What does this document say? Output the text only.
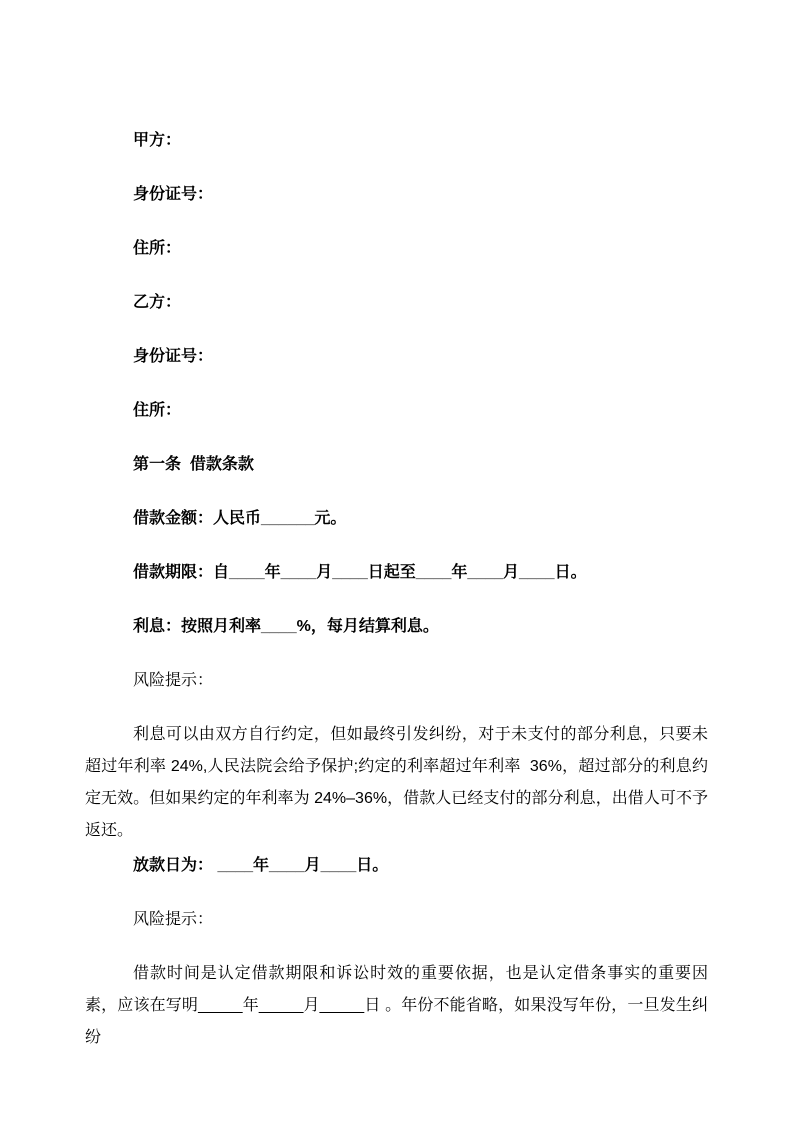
甲方：

身份证号：

住所：

乙方：

身份证号：

住所：

第一条  借款条款

借款金额：人民币______元。

借款期限：自____年____月____日起至____年____月____日。

利息：按照月利率____%，每月结算利息。

风险提示：

利息可以由双方自行约定，但如最终引发纠纷，对于未支付的部分利息，只要未超过年利率 24%,人民法院会给予保护;约定的利率超过年利率  36%，超过部分的利息约定无效。但如果约定的年利率为 24%–36%，借款人已经支付的部分利息，出借人可不予返还。

放款日为： ____年____月____日。

风险提示：

借款时间是认定借款期限和诉讼时效的重要依据，也是认定借条事实的重要因素，应该在写明_____年_____月_____日 。年份不能省略，如果没写年份，一旦发生纠纷
